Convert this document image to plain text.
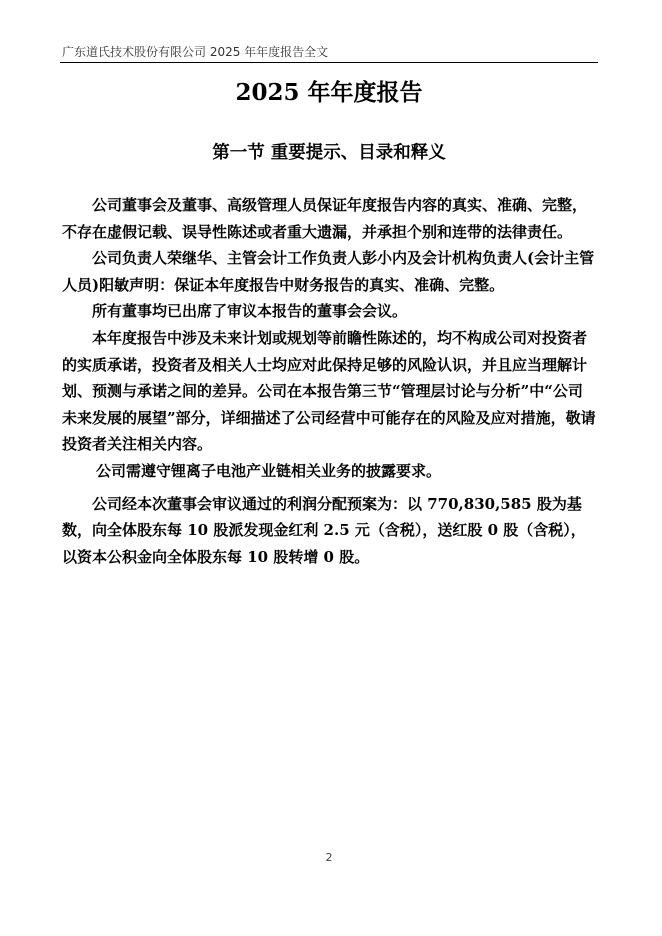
广东道氏技术股份有限公司 2025 年年度报告全文
2025 年年度报告
第一节 重要提示、目录和释义

公司董事会及董事、高级管理人员保证年度报告内容的真实、准确、完整，不存在虚假记载、误导性陈述或者重大遗漏，并承担个别和连带的法律责任。

公司负责人荣继华、主管会计工作负责人彭小内及会计机构负责人(会计主管人员)阳敏声明：保证本年度报告中财务报告的真实、准确、完整。

所有董事均已出席了审议本报告的董事会会议。

本年度报告中涉及未来计划或规划等前瞻性陈述的，均不构成公司对投资者的实质承诺，投资者及相关人士均应对此保持足够的风险认识，并且应当理解计划、预测与承诺之间的差异。公司在本报告第三节“管理层讨论与分析”中“公司未来发展的展望”部分，详细描述了公司经营中可能存在的风险及应对措施，敬请投资者关注相关内容。

公司需遵守锂离子电池产业链相关业务的披露要求。

公司经本次董事会审议通过的利润分配预案为：以 770,830,585 股为基数，向全体股东每 10 股派发现金红利 2.5 元（含税），送红股 0 股（含税），以资本公积金向全体股东每 10 股转增 0 股。

2
